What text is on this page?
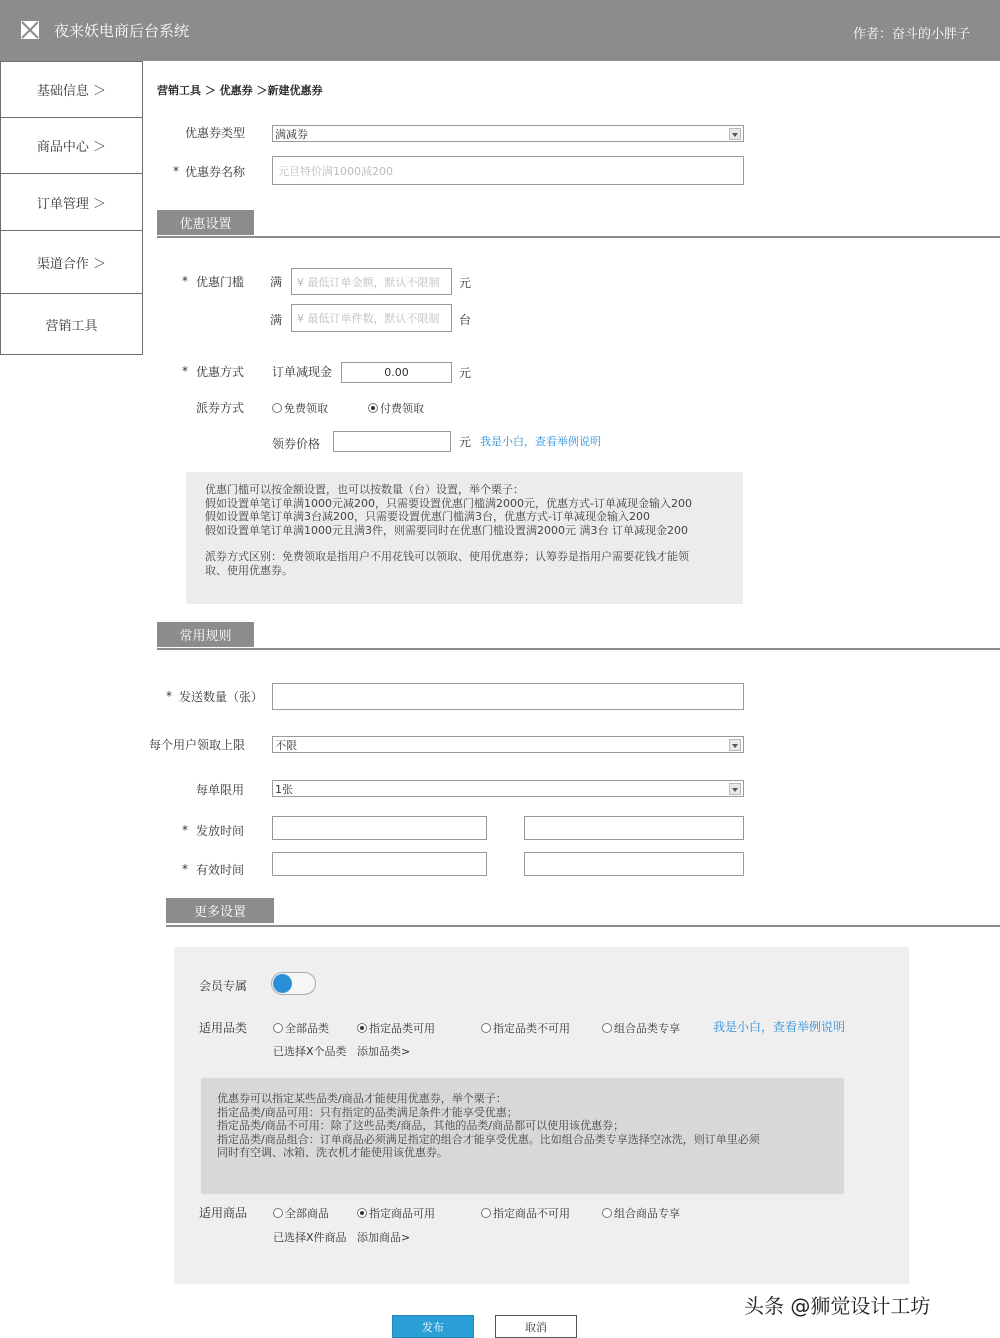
夜来妖电商后台系统	作者：奋斗的小胖子
基础信息 ＞
商品中心 ＞
订单管理 ＞
渠道合作 ＞
营销工具
营销工具 ＞ 优惠券 ＞新建优惠券
优惠券类型	满减券
* 优惠券名称	元旦特价满1000减200
优惠设置
* 优惠门槛 满	¥ 最低订单金额，默认不限制	元
满	¥ 最低订单件数，默认不限制	台
* 优惠方式 订单减现金	0.00	元
派券方式	免费领取	付费领取
领券价格	元 我是小白，查看举例说明

优惠门槛可以按金额设置，也可以按数量（台）设置，举个栗子：

假如设置单笔订单满1000元减200，只需要设置优惠门槛满2000元，优惠方式-订单减现金输入200

假如设置单笔订单满3台减200，只需要设置优惠门槛满3台，优惠方式-订单减现金输入200

假如设置单笔订单满1000元且满3件，则需要同时在优惠门槛设置满2000元 满3台 订单减现金200

派券方式区别：免费领取是指用户不用花钱可以领取、使用优惠券；认筹券是指用户需要花钱才能领

取、使用优惠券。

常用规则
* 发送数量（张）
每个用户领取上限	不限
每单限用	1张
* 发放时间
* 有效时间
更多设置
会员专属
适用品类	全部品类	指定品类可用	指定品类不可用	组合品类专享	我是小白，查看举例说明
已选择X个品类 添加品类>

优惠券可以指定某些品类/商品才能使用优惠券，举个栗子：

指定品类/商品可用：只有指定的品类满足条件才能享受优惠；

指定品类/商品不可用：除了这些品类/商品，其他的品类/商品都可以使用该优惠券；

指定品类/商品组合：订单商品必须满足指定的组合才能享受优惠。比如组合品类专享选择空冰洗，则订单里必须

同时有空调、冰箱、洗衣机才能使用该优惠券。

适用商品	全部商品	指定商品可用	指定商品不可用	组合商品专享
已选择X件商品 添加商品>
发布	取消
头条 @狮觉设计工坊
